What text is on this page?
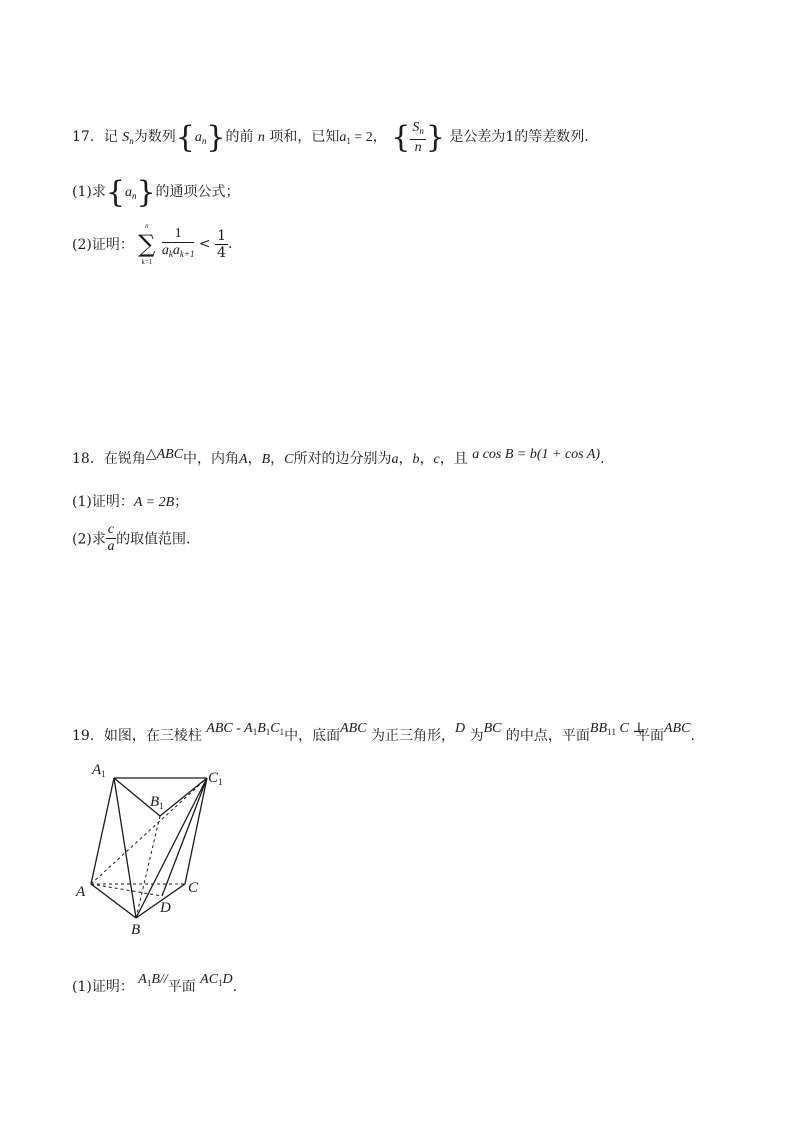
17．记 $S_n$为数列$\{a_n\}$的前 n 项和，已知$a_1 = 2$， { $\frac{S_n}{n}$ } 是公差为1的等差数列.
(1)求$\{a_n\}$的通项公式；
(2)证明：
n
∑
k=1
$\frac{1}{a_ka_{k+1}} < \frac{1}{4}$ .
18．在锐角△ABC中，内角A，B，C所对的边分别为a，b，c，且 a cos B = b(1 + cos A).
(1)证明：A = 2B；
(2)求 $\frac{c}{a}$ 的取值范围.
19．如图，在三棱柱 ABC - $A_1B_1C_1$中，底面ABC 为正三角形，D 为BC 的中点，平面$BB_{11}$ C ⊥ 平面ABC.
$A_1$	$C_1$
$B_1$
A	C
D
B
(1)证明： $A_1B//$平面 $AC_1D$.
